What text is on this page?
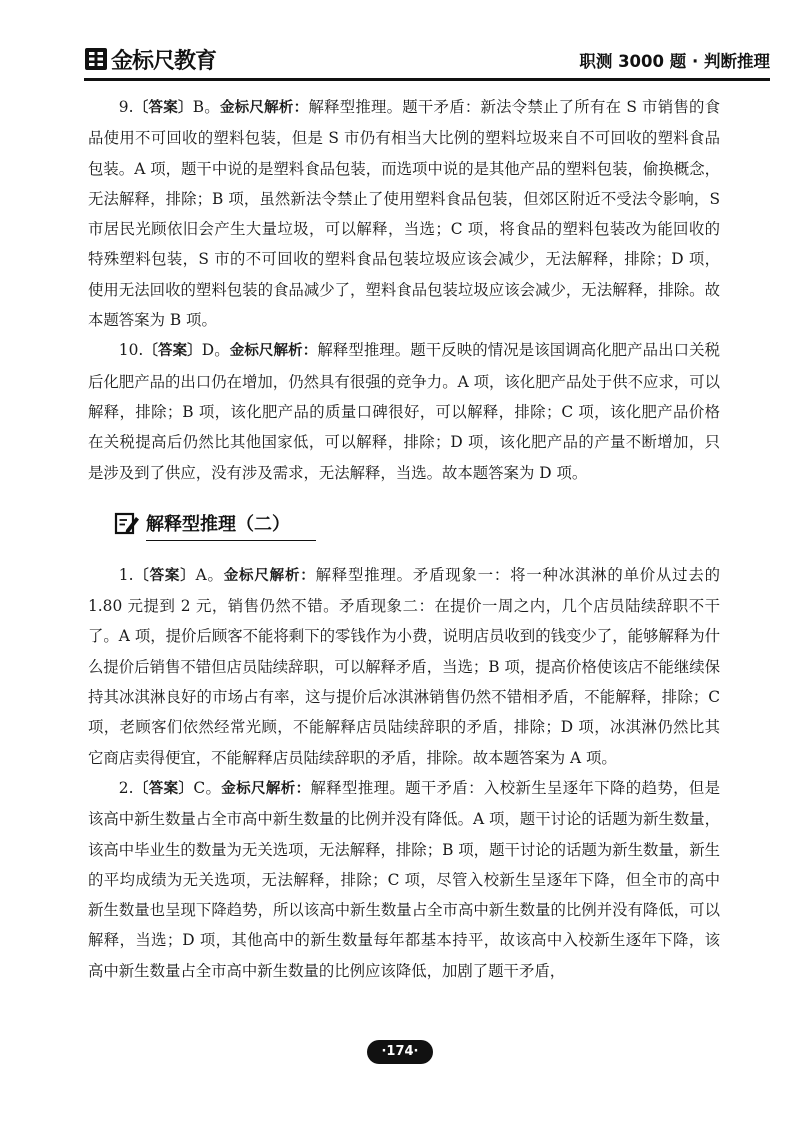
金标尺教育	职测 3000 题 · 判断推理

9.〔答案〕B。金标尺解析：解释型推理。题干矛盾：新法令禁止了所有在 S 市销售的食品使用不可回收的塑料包装，但是 S 市仍有相当大比例的塑料垃圾来自不可回收的塑料食品包装。A 项，题干中说的是塑料食品包装，而选项中说的是其他产品的塑料包装，偷换概念，无法解释，排除；B 项，虽然新法令禁止了使用塑料食品包装，但郊区附近不受法令影响，S 市居民光顾依旧会产生大量垃圾，可以解释，当选；C 项，将食品的塑料包装改为能回收的特殊塑料包装，S 市的不可回收的塑料食品包装垃圾应该会减少，无法解释，排除；D 项，使用无法回收的塑料包装的食品减少了，塑料食品包装垃圾应该会减少，无法解释，排除。故本题答案为 B 项。

10.〔答案〕D。金标尺解析：解释型推理。题干反映的情况是该国调高化肥产品出口关税后化肥产品的出口仍在增加，仍然具有很强的竞争力。A 项，该化肥产品处于供不应求，可以解释，排除；B 项，该化肥产品的质量口碑很好，可以解释，排除；C 项，该化肥产品价格在关税提高后仍然比其他国家低，可以解释，排除；D 项，该化肥产品的产量不断增加，只是涉及到了供应，没有涉及需求，无法解释，当选。故本题答案为 D 项。

解释型推理（二）

1.〔答案〕A。金标尺解析：解释型推理。矛盾现象一：将一种冰淇淋的单价从过去的 1.80 元提到 2 元，销售仍然不错。矛盾现象二：在提价一周之内，几个店员陆续辞职不干了。A 项，提价后顾客不能将剩下的零钱作为小费，说明店员收到的钱变少了，能够解释为什么提价后销售不错但店员陆续辞职，可以解释矛盾，当选；B 项，提高价格使该店不能继续保持其冰淇淋良好的市场占有率，这与提价后冰淇淋销售仍然不错相矛盾，不能解释，排除；C 项，老顾客们依然经常光顾，不能解释店员陆续辞职的矛盾，排除；D 项，冰淇淋仍然比其它商店卖得便宜，不能解释店员陆续辞职的矛盾，排除。故本题答案为 A 项。

2.〔答案〕C。金标尺解析：解释型推理。题干矛盾：入校新生呈逐年下降的趋势，但是该高中新生数量占全市高中新生数量的比例并没有降低。A 项，题干讨论的话题为新生数量，该高中毕业生的数量为无关选项，无法解释，排除；B 项，题干讨论的话题为新生数量，新生的平均成绩为无关选项，无法解释，排除；C 项，尽管入校新生呈逐年下降，但全市的高中新生数量也呈现下降趋势，所以该高中新生数量占全市高中新生数量的比例并没有降低，可以解释，当选；D 项，其他高中的新生数量每年都基本持平，故该高中入校新生逐年下降，该高中新生数量占全市高中新生数量的比例应该降低，加剧了题干矛盾，

·174·
